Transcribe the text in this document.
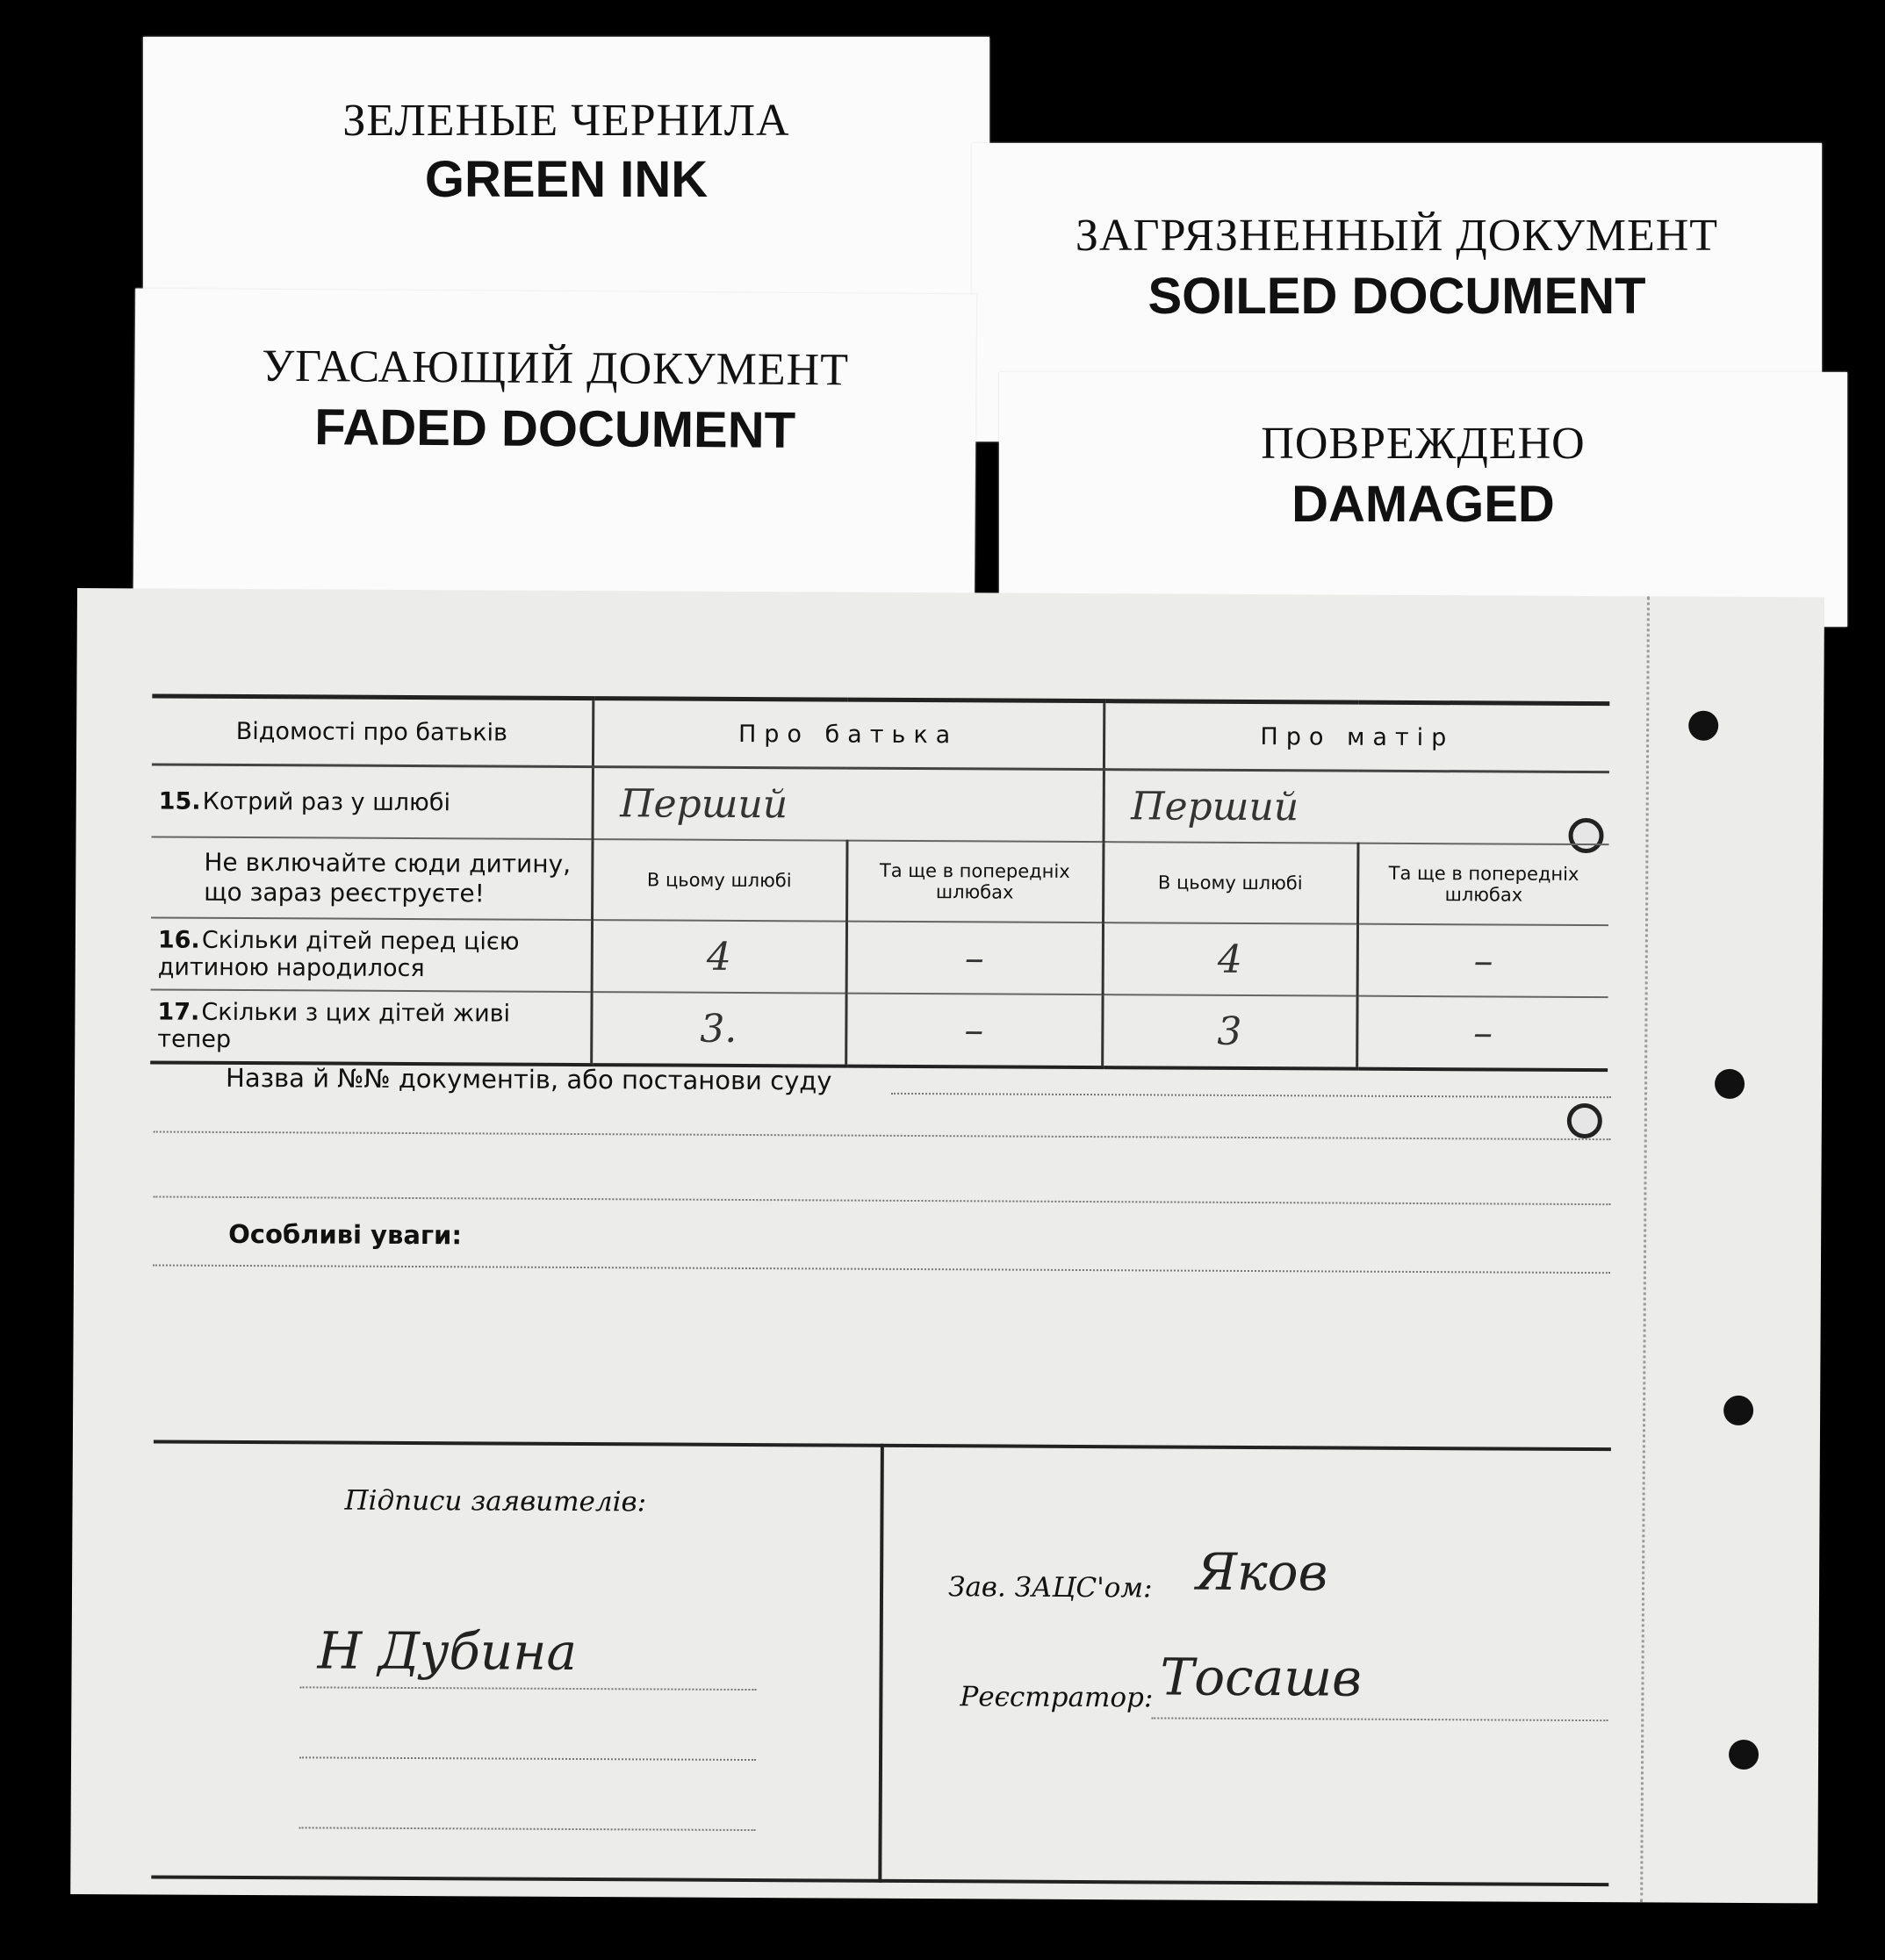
ЗЕЛЕНЫЕ ЧЕРНИЛА
GREEN INK
ЗАГРЯЗНЕННЫЙ ДОКУМЕНТ
SOILED DOCUMENT
УГАСАЮЩИЙ ДОКУМЕНТ
FADED DOCUMENT	ПОВРЕЖДЕНО
DAMAGED
Відомості про батьків	Про батька		Про матір	
15.Котрий раз у шлюбі	Перший		Перший	
Не включайте сюди дитину, що зараз реєструєте!	В цьому шлюбі	Та ще в попередніх шлюбах	В цьому шлюбі	Та ще в попередніх шлюбах
16.Скільки дітей перед цією дитиною народилося	4	–	4	–
17.Скільки з цих дітей живі тепер	3.	–	3	–
Назва й №№ документів, або постанови суду
Особливі уваги:
Підписи заявителів:
Н Дубина
Зав. ЗАЦС'ом: Яков
Реєстратор: Тосашв
